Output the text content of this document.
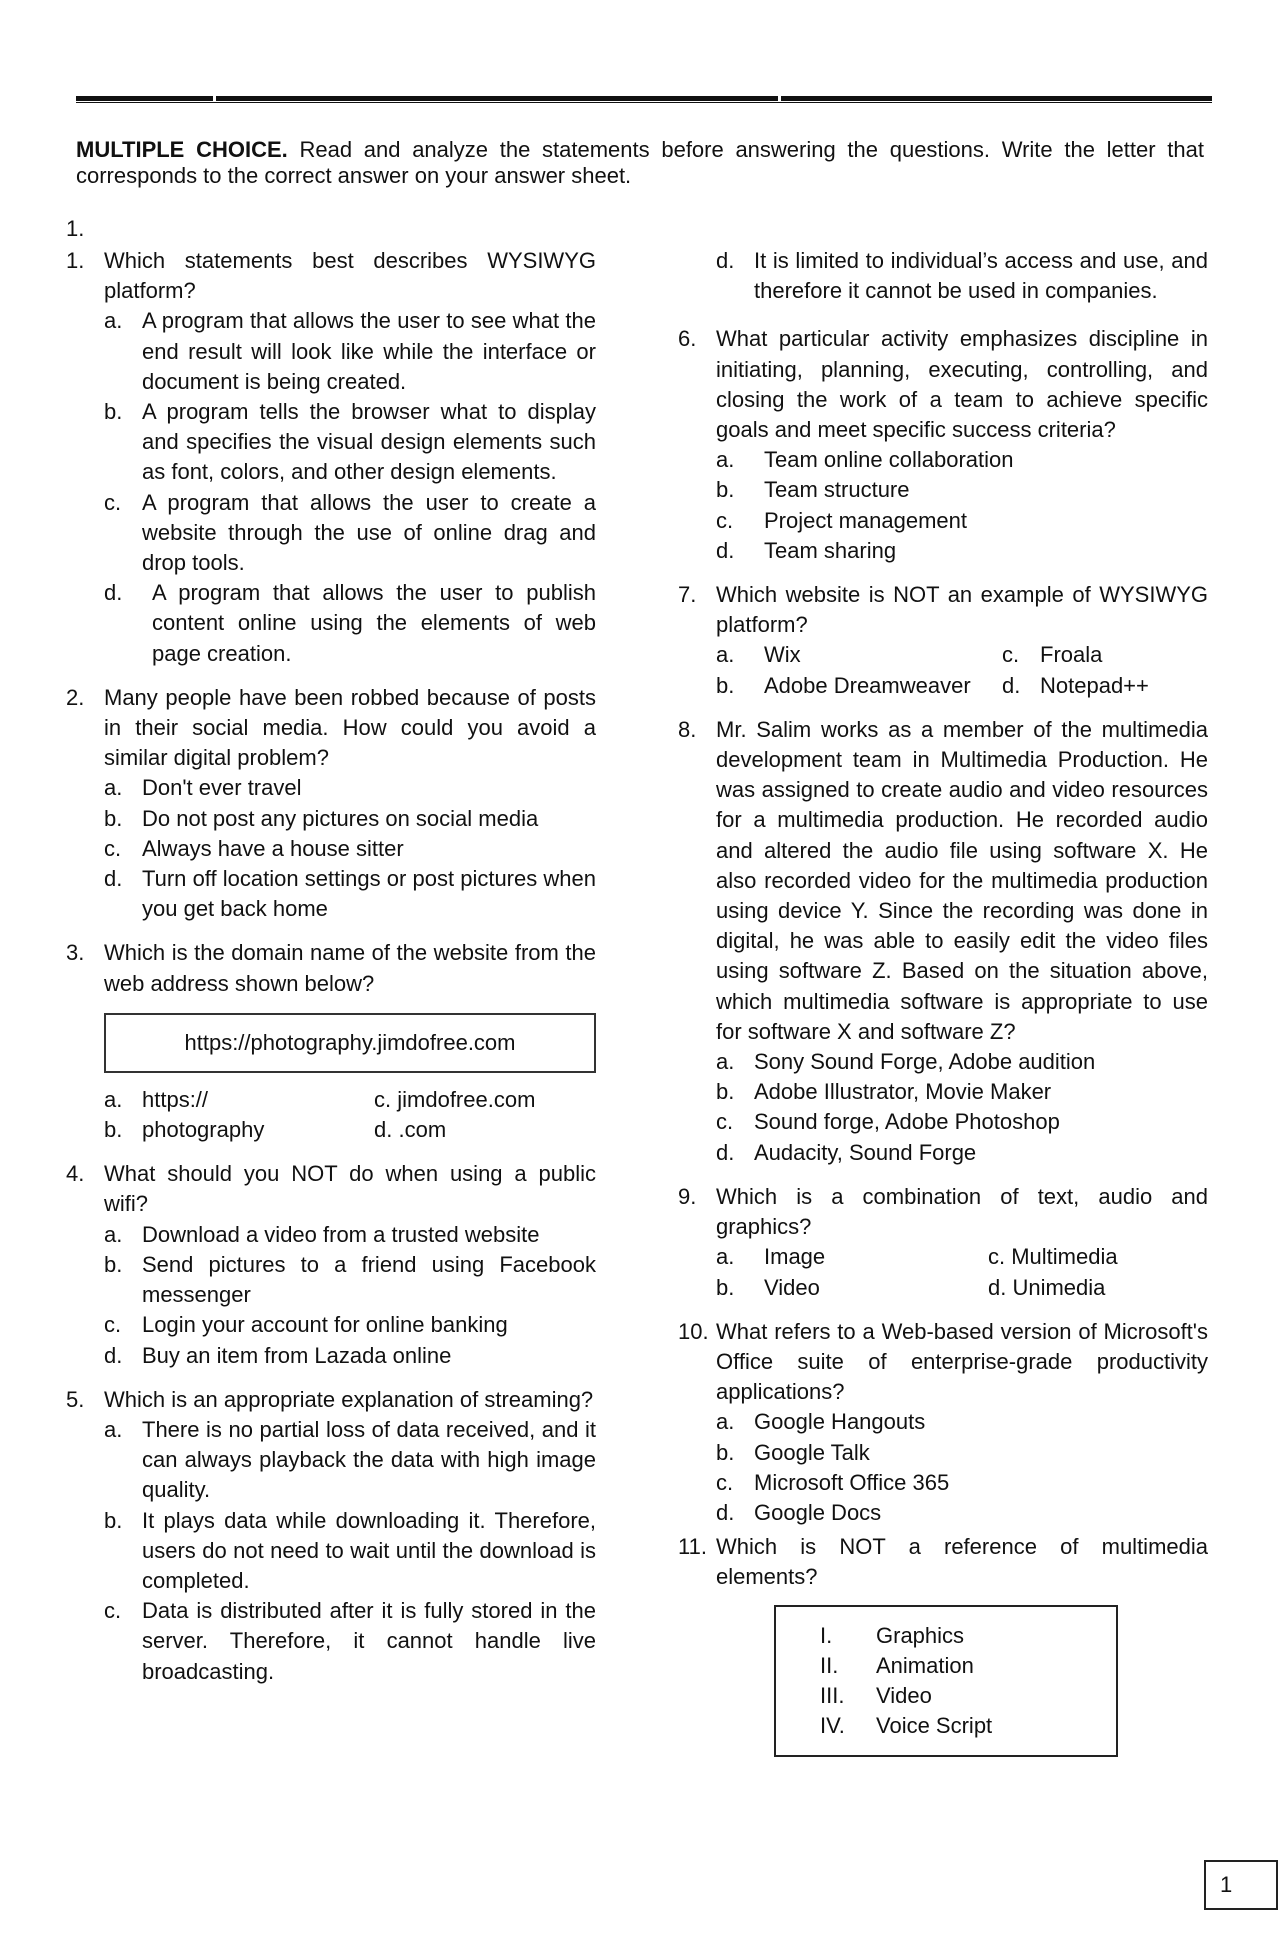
MULTIPLE CHOICE. Read and analyze the statements before answering the questions. Write the letter that corresponds to the correct answer on your answer sheet.
1.
1. Which statements best describes WYSIWYG platform?
a. A program that allows the user to see what the end result will look like while the interface or document is being created.
b. A program tells the browser what to display and specifies the visual design elements such as font, colors, and other design elements.
c. A program that allows the user to create a website through the use of online drag and drop tools.
d. A program that allows the user to publish content online using the elements of web page creation.
2. Many people have been robbed because of posts in their social media. How could you avoid a similar digital problem?
a. Don't ever travel
b. Do not post any pictures on social media
c. Always have a house sitter
d. Turn off location settings or post pictures when you get back home
3. Which is the domain name of the website from the web address shown below?
https://photography.jimdofree.com
a. https://	c. jimdofree.com
b. photography	d. .com
4. What should you NOT do when using a public wifi?
a. Download a video from a trusted website
b. Send pictures to a friend using Facebook messenger
c. Login your account for online banking
d. Buy an item from Lazada online
5. Which is an appropriate explanation of streaming?
a. There is no partial loss of data received, and it can always playback the data with high image quality.
b. It plays data while downloading it. Therefore, users do not need to wait until the download is completed.
c. Data is distributed after it is fully stored in the server. Therefore, it cannot handle live broadcasting.
d. It is limited to individual’s access and use, and therefore it cannot be used in companies.
6. What particular activity emphasizes discipline in initiating, planning, executing, controlling, and closing the work of a team to achieve specific goals and meet specific success criteria?
a. Team online collaboration
b. Team structure
c. Project management
d. Team sharing
7. Which website is NOT an example of WYSIWYG platform?
a. Wix	c. Froala
b. Adobe Dreamweaver	d. Notepad++
8. Mr. Salim works as a member of the multimedia development team in Multimedia Production. He was assigned to create audio and video resources for a multimedia production. He recorded audio and altered the audio file using software X. He also recorded video for the multimedia production using device Y. Since the recording was done in digital, he was able to easily edit the video files using software Z. Based on the situation above, which multimedia software is appropriate to use for software X and software Z?
a. Sony Sound Forge, Adobe audition
b. Adobe Illustrator, Movie Maker
c. Sound forge, Adobe Photoshop
d. Audacity, Sound Forge
9. Which is a combination of text, audio and graphics?
a. Image	c. Multimedia
b. Video	d. Unimedia
10. What refers to a Web-based version of Microsoft's Office suite of enterprise-grade productivity applications?
a. Google Hangouts
b. Google Talk
c. Microsoft Office 365
d. Google Docs
11. Which is NOT a reference of multimedia elements?
I. Graphics
II. Animation
III. Video
IV. Voice Script
1
